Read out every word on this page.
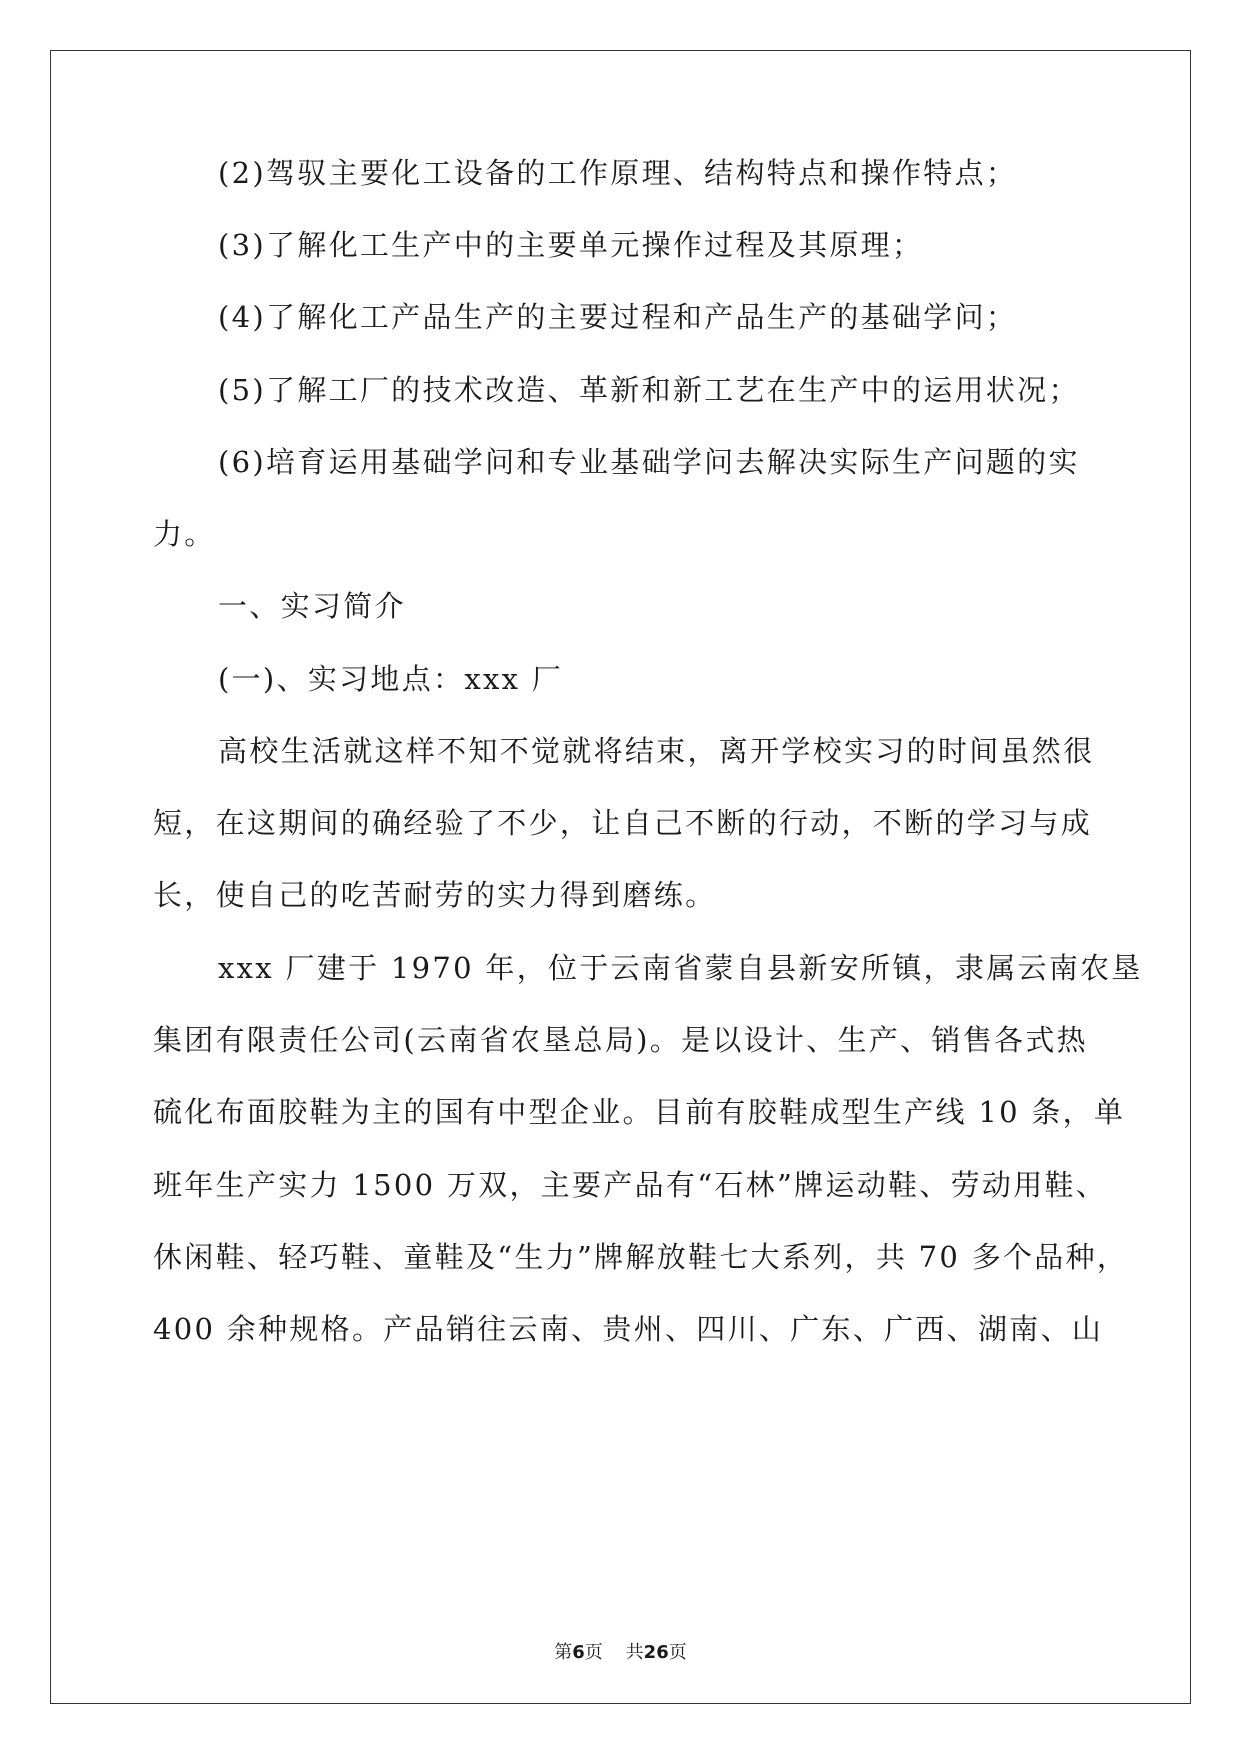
(2)驾驭主要化工设备的工作原理、结构特点和操作特点；
(3)了解化工生产中的主要单元操作过程及其原理；
(4)了解化工产品生产的主要过程和产品生产的基础学问；
(5)了解工厂的技术改造、革新和新工艺在生产中的运用状况；
(6)培育运用基础学问和专业基础学问去解决实际生产问题的实
力。
一、实习简介
(一)、实习地点：xxx 厂
高校生活就这样不知不觉就将结束，离开学校实习的时间虽然很
短，在这期间的确经验了不少，让自己不断的行动，不断的学习与成
长，使自己的吃苦耐劳的实力得到磨练。
xxx 厂建于 1970 年，位于云南省蒙自县新安所镇，隶属云南农垦
集团有限责任公司(云南省农垦总局)。是以设计、生产、销售各式热
硫化布面胶鞋为主的国有中型企业。目前有胶鞋成型生产线 10 条，单
班年生产实力 1500 万双，主要产品有“石林”牌运动鞋、劳动用鞋、
休闲鞋、轻巧鞋、童鞋及“生力”牌解放鞋七大系列，共 70 多个品种，
400 余种规格。产品销往云南、贵州、四川、广东、广西、湖南、山
第6页 共26页
